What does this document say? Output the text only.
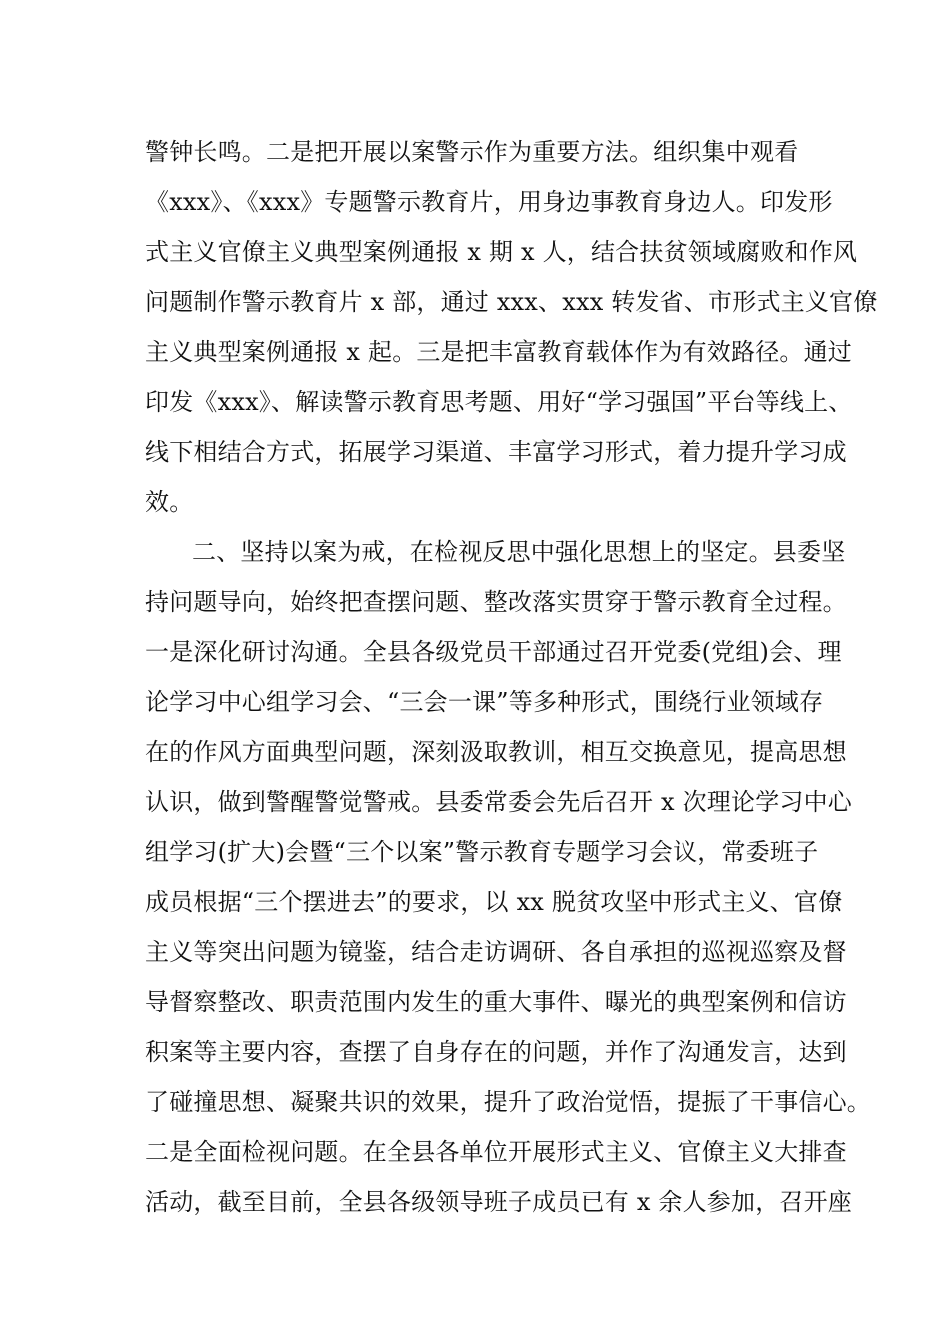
警钟长鸣。二是把开展以案警示作为重要方法。组织集中观看
《xxx》、《xxx》专题警示教育片，用身边事教育身边人。印发形
式主义官僚主义典型案例通报 x 期 x 人，结合扶贫领域腐败和作风
问题制作警示教育片 x 部，通过 xxx、xxx 转发省、市形式主义官僚
主义典型案例通报 x 起。三是把丰富教育载体作为有效路径。通过
印发《xxx》、解读警示教育思考题、用好“学习强国”平台等线上、
线下相结合方式，拓展学习渠道、丰富学习形式，着力提升学习成
效。
二、坚持以案为戒，在检视反思中强化思想上的坚定。县委坚
持问题导向，始终把查摆问题、整改落实贯穿于警示教育全过程。
一是深化研讨沟通。全县各级党员干部通过召开党委(党组)会、理
论学习中心组学习会、“三会一课”等多种形式，围绕行业领域存
在的作风方面典型问题，深刻汲取教训，相互交换意见，提高思想
认识，做到警醒警觉警戒。县委常委会先后召开 x 次理论学习中心
组学习(扩大)会暨“三个以案”警示教育专题学习会议，常委班子
成员根据“三个摆进去”的要求，以 xx 脱贫攻坚中形式主义、官僚
主义等突出问题为镜鉴，结合走访调研、各自承担的巡视巡察及督
导督察整改、职责范围内发生的重大事件、曝光的典型案例和信访
积案等主要内容，查摆了自身存在的问题，并作了沟通发言，达到
了碰撞思想、凝聚共识的效果，提升了政治觉悟，提振了干事信心。
二是全面检视问题。在全县各单位开展形式主义、官僚主义大排查
活动，截至目前，全县各级领导班子成员已有 x 余人参加，召开座
